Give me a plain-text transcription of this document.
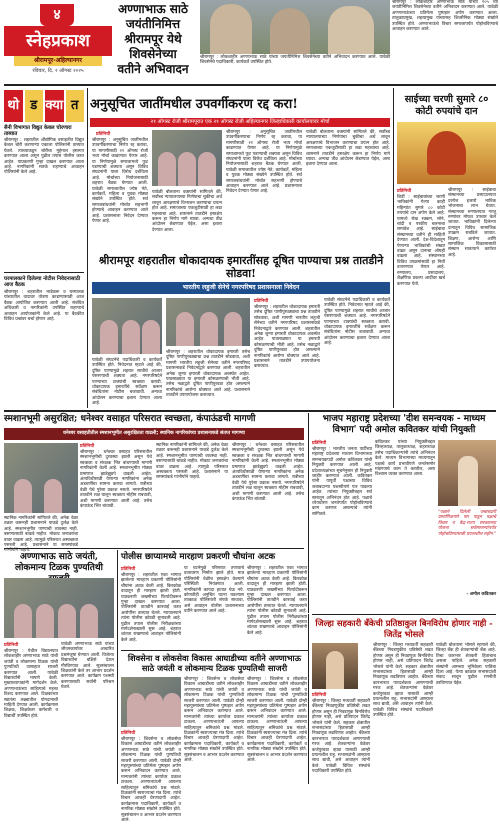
४
स्नेहप्रकाश
श्रीरामपूर-अहिल्यानगर
रविवार, दि. २ ऑगस्ट २०२५
अण्णाभाऊ साठे
जयंतीनिमित्त
श्रीरामपूर येथे
शिवसेनेच्या
वतीने अभिवादन
श्रीरामपूर : लोकशाहीर अण्णाभाऊ साठे यांच्या जयंतीनिमित्त शिवसेनेच्या वतीने अभिवादन करण्यात आले. यावेळी शिवसेनेचे पदाधिकारी, कार्यकर्ते उपस्थित होते.
श्रीरामपूर : लोकशाहीर अण्णाभाऊ साठे यांच्या १०५ व्या जयंतीनिमित्त शिवसेनेच्या वतीने अभिवादन करण्यात आले. यावेळी अण्णाभाऊंच्या प्रतिमेला पुष्पहार अर्पण करण्यात आला. तालुकाप्रमुख, शहरप्रमुख यांच्यासह शिवसैनिक मोठ्या संख्येने उपस्थित होते. अण्णाभाऊंचे विचार समाजापर्यंत पोहोचविण्याचे आवाहन करण्यात आले.
थो ड क्या त
सैनी विभागात विद्युत केबल चोरणारा ताब्यात
श्रीरामपूर : शहरातील औद्योगिक वसाहतीत विद्युत केबल चोरी करणाऱ्या एकाला पोलिसांनी ताब्यात घेतले. त्याच्याकडून चोरीचा मुद्देमाल हस्तगत करण्यात आला असून पुढील तपास पोलीस करत आहेत. याप्रकरणी गुन्हा दाखल करण्यात आला आहे. नागरिकांनी सतर्क राहण्याचे आवाहन पोलिसांनी केले आहे.
घरमालकाने दिलेल्या नोटीस निवेदनासाठी आज बैठक
श्रीरामपूर : शहरातील भाडेकरू व घरमालक यांच्यातील वादावर तोडगा काढण्यासाठी आज बैठक आयोजित करण्यात आली आहे. संबंधित अधिकारी व नागरिकांनी उपस्थित राहण्याचे आवाहन आयोजकांनी केले आहे. या बैठकीत विविध प्रश्नांवर चर्चा होणार आहे.
अनुसूचित जातींमधील उपवर्गीकरण रद्द करा!
२१ ऑगस्ट रोजी श्रीरामपूरात एक २१ ऑगस्ट रोजी अहिल्यानगर जिल्हाधिकारी कार्यालयावर मोर्चा
प्रतिनिधी
श्रीरामपूर : अनुसूचित जातींमधील उपवर्गीकरणाचा निर्णय रद्द करावा, या मागणीसाठी २१ ऑगस्ट रोजी भव्य मोर्चा काढण्यात येणार आहे. या निर्णयामुळे समाजामध्ये फूट पडण्याची शक्यता असून विविध संघटनांनी याला विरोध दर्शविला आहे. मोर्चाच्या नियोजनासाठी शहरात बैठक घेण्यात आली. यावेळी समाजातील ज्येष्ठ नेते, कार्यकर्ते, महिला व युवक मोठ्या संख्येने उपस्थित होते. सर्व समाजबांधवांनी मोर्चात सहभागी होण्याचे आवाहन करण्यात आले आहे. प्रशासनाला निवेदन देण्यात येणार आहे.
यावेळी बोलताना वक्त्यांनी सांगितले की, सर्वोच्च न्यायालयाच्या निर्णयाचा चुकीचा अर्थ लावून आरक्षणाचे विभाजन करण्याचा प्रयत्न होत आहे. समाजाच्या एकजुटीसाठी हा लढा महत्त्वाचा आहे. शासनाने तातडीने हस्तक्षेप करून हा निर्णय मागे घ्यावा. अन्यथा तीव्र आंदोलन छेडण्यात येईल, असा इशारा देण्यात आला.
श्रीरामपूर : अनुसूचित जातींमधील उपवर्गीकरणाचा निर्णय रद्द करावा, या मागणीसाठी २१ ऑगस्ट रोजी भव्य मोर्चा काढण्यात येणार आहे. या निर्णयामुळे समाजामध्ये फूट पडण्याची शक्यता असून विविध संघटनांनी याला विरोध दर्शविला आहे. मोर्चाच्या नियोजनासाठी शहरात बैठक घेण्यात आली. यावेळी समाजातील ज्येष्ठ नेते, कार्यकर्ते, महिला व युवक मोठ्या संख्येने उपस्थित होते. सर्व समाजबांधवांनी मोर्चात सहभागी होण्याचे आवाहन करण्यात आले आहे. प्रशासनाला निवेदन देण्यात येणार आहे.
यावेळी बोलताना वक्त्यांनी सांगितले की, सर्वोच्च न्यायालयाच्या निर्णयाचा चुकीचा अर्थ लावून आरक्षणाचे विभाजन करण्याचा प्रयत्न होत आहे. समाजाच्या एकजुटीसाठी हा लढा महत्त्वाचा आहे. शासनाने तातडीने हस्तक्षेप करून हा निर्णय मागे घ्यावा. अन्यथा तीव्र आंदोलन छेडण्यात येईल, असा इशारा देण्यात आला.
साईच्या चरणी सुमारे ८० कोटी रुपयांचे दान
प्रतिनिधी
शिर्डी : साईबाबांच्या चरणी भाविकांनी गेल्या काही महिन्यांत सुमारे ८० कोटी रुपयांचे दान अर्पण केले आहे. यामध्ये रोख रक्कम, सोने, चांदी व परकीय चलनाचा समावेश आहे. साईबाबा संस्थानच्या वतीने ही माहिती देण्यात आली. देश-विदेशातून येणाऱ्या भाविकांची संख्या वाढत असून दानाचा ओघही वाढला आहे. संस्थानच्या विविध उपक्रमांसाठी हा निधी वापरण्यात येणार आहे. रुग्णालय, प्रसादालय, शैक्षणिक प्रकल्प आदींवर खर्च करण्यात येतो.
श्रीरामपूर : साईबाबा संस्थानच्या प्रसादालयात दररोज हजारो भाविक भोजनाचा लाभ घेतात. संस्थानच्या रुग्णालयात गरजू रुग्णांवर मोफत उपचार केले जातात. भाविकांनी दिलेल्या दानातून विविध सामाजिक उपक्रम राबविले जातात. शिक्षण, आरोग्य आणि सामाजिक विकासासाठी संस्थान सातत्याने कार्यरत आहे.
श्रीरामपूर शहरातील धोकादायक इमारतींसह दूषित पाण्याचा प्रश्न तातडीने सोडवा!
भारतीय लहुजी सेनेचे नगरपरिषद प्रशासनाला निवेदन
यावेळी संघटनेचे पदाधिकारी व कार्यकर्ते उपस्थित होते. निवेदनात म्हटले आहे की, दूषित पाण्यामुळे शहरात साथीचे आजार पसरण्याची शक्यता आहे. नगरपरिषदेने पाण्याच्या टाक्यांची स्वच्छता करावी. धोकादायक इमारतींचे सर्वेक्षण करून संबंधितांना नोटीस बजावावी. अन्यथा आंदोलन करण्याचा इशारा देण्यात आला आहे.
श्रीरामपूर : शहरातील धोकादायक इमारती तसेच दूषित पाणीपुरवठ्याचा प्रश्न तातडीने सोडवावा, अशी मागणी भारतीय लहुजी सेनेच्या वतीने नगरपरिषद प्रशासनाकडे निवेदनाद्वारे करण्यात आली. शहरातील अनेक जुन्या इमारती धोकादायक अवस्थेत आहेत. पावसाळ्यात या इमारती कोसळण्याची भीती आहे. तसेच नळाद्वारे दूषित पाणीपुरवठा होत असल्याने नागरिकांचे आरोग्य धोक्यात आले आहे. प्रशासनाने तातडीने उपाययोजना कराव्यात.
प्रतिनिधी
श्रीरामपूर : शहरातील धोकादायक इमारती तसेच दूषित पाणीपुरवठ्याचा प्रश्न तातडीने सोडवावा, अशी मागणी भारतीय लहुजी सेनेच्या वतीने नगरपरिषद प्रशासनाकडे निवेदनाद्वारे करण्यात आली. शहरातील अनेक जुन्या इमारती धोकादायक अवस्थेत आहेत. पावसाळ्यात या इमारती कोसळण्याची भीती आहे. तसेच नळाद्वारे दूषित पाणीपुरवठा होत असल्याने नागरिकांचे आरोग्य धोक्यात आले आहे. प्रशासनाने तातडीने उपाययोजना कराव्यात.
यावेळी संघटनेचे पदाधिकारी व कार्यकर्ते उपस्थित होते. निवेदनात म्हटले आहे की, दूषित पाण्यामुळे शहरात साथीचे आजार पसरण्याची शक्यता आहे. नगरपरिषदेने पाण्याच्या टाक्यांची स्वच्छता करावी. धोकादायक इमारतींचे सर्वेक्षण करून संबंधितांना नोटीस बजावावी. अन्यथा आंदोलन करण्याचा इशारा देण्यात आला आहे.
स्मशानभूमी असुरक्षित; धनेश्वर वसाहत परिसरात स्वच्छता, कंपाऊंडची मागणी
धनेश्वर वसाहतीतील स्मशानभूमीत असुरक्षितता वाढली; स्थानिक नागरिकांच्या प्रशासनाकडे संतप्त मागण्या
प्रतिनिधी
श्रीरामपूर : धनेश्वर वसाहत परिसरातील स्मशानभूमीची दुरवस्था झाली असून येथे स्वच्छता व संरक्षक भिंत बांधण्याची मागणी नागरिकांनी केली आहे. स्मशानभूमीत मोठ्या प्रमाणात झाडेझुडपे वाढली आहेत. अंत्यविधीसाठी येणाऱ्या नागरिकांना अनेक अडचणींचा सामना करावा लागतो. रात्रीच्या वेळी येथे पुरेसा प्रकाश नसतो. नगरपरिषदेने तातडीने लक्ष घालून स्वच्छता मोहीम राबवावी, अशी मागणी करण्यात आली आहे. तसेच कंपाऊंड भिंत बांधावी.
स्थानिक नागरिकांनी सांगितले की, अनेक वेळा तक्रार करूनही प्रशासनाने याकडे दुर्लक्ष केले आहे. स्मशानभूमीत पाण्याची व्यवस्था नाही. बसण्यासाठी बाकडे नाहीत. मोकाट जनावरांचा वावर वाढला आहे. त्यामुळे परिसरात अस्वच्छता पसरली आहे. प्रशासनाने या समस्यांकडे गांभीर्याने पाहावे.
श्रीरामपूर : धनेश्वर वसाहत परिसरातील स्मशानभूमीची दुरवस्था झाली असून येथे स्वच्छता व संरक्षक भिंत बांधण्याची मागणी नागरिकांनी केली आहे. स्मशानभूमीत मोठ्या प्रमाणात झाडेझुडपे वाढली आहेत. अंत्यविधीसाठी येणाऱ्या नागरिकांना अनेक अडचणींचा सामना करावा लागतो. रात्रीच्या वेळी येथे पुरेसा प्रकाश नसतो. नगरपरिषदेने तातडीने लक्ष घालून स्वच्छता मोहीम राबवावी, अशी मागणी करण्यात आली आहे. तसेच कंपाऊंड भिंत बांधावी.
स्थानिक नागरिकांनी सांगितले की, अनेक वेळा तक्रार करूनही प्रशासनाने याकडे दुर्लक्ष केले आहे. स्मशानभूमीत पाण्याची व्यवस्था नाही. बसण्यासाठी बाकडे नाहीत. मोकाट जनावरांचा वावर वाढला आहे. त्यामुळे परिसरात अस्वच्छता पसरली आहे. प्रशासनाने या समस्यांकडे गांभीर्याने पाहावे.
भाजप महाराष्ट्र प्रदेशच्या 'दीश समन्वयक - माध्यम विभाग' पदी अमोल कवितकर यांची नियुक्ती
प्रतिनिधी
श्रीरामपूर : भारतीय जनता पार्टीच्या महाराष्ट्र प्रदेशच्या माध्यम विभागाच्या समन्वयकपदी अमोल कवितकर यांची नियुक्ती करण्यात आली आहे. प्रदेशाध्यक्षांच्या सूचनेनुसार ही नियुक्ती जाहीर करण्यात आली. कवितकर यांनी यापूर्वी पक्षाच्या विविध जबाबदाऱ्या यशस्वीपणे पार पाडल्या आहेत. त्यांच्या नियुक्तीबद्दल सर्व स्तरातून अभिनंदन होत आहे. पक्षाचे ध्येयधोरण जनतेपर्यंत पोहोचविण्याचे काम करणार असल्याचे त्यांनी सांगितले.
कवितकर यांच्या नियुक्तीबद्दल जिल्हाध्यक्ष, तालुकाध्यक्ष, शहराध्यक्ष तसेच पदाधिकाऱ्यांनी त्यांचे अभिनंदन केले. माध्यम विभागाच्या माध्यमातून पक्षाचे कार्य प्रभावीपणे जनतेसमोर मांडण्याचे काम ते करतील, असा विश्वास व्यक्त करण्यात आला.
"पक्षाने दिलेली जबाबदारी प्रामाणिकपणे पार पाडून पक्षाचे विचार व केंद्र-राज्य सरकारच्या योजना सर्वसामान्यांपर्यंत पोहोचविण्यासाठी प्रयत्नशील राहीन."
- अमोल कवितकर
अण्णाभाऊ साठे जयंती, लोकमान्य टिळक पुण्यतिथी
प्रतिनिधी
श्रीरामपूर : येथील विद्यालयात लोकशाहीर अण्णाभाऊ साठे यांची जयंती व लोकमान्य टिळक यांची पुण्यतिथी उत्साहात साजरी करण्यात आली. यावेळी विद्यार्थ्यांनी भाषणे केली. मुख्याध्यापकांनी मार्गदर्शन केले. अण्णाभाऊंच्या साहित्याचे महत्त्व विशद करण्यात आले. टिळकांच्या स्वातंत्र्य लढ्यातील योगदानाची माहिती देण्यात आली. कार्यक्रमास शिक्षक, शिक्षकेतर कर्मचारी व विद्यार्थी उपस्थित होते.
यावेळी अण्णाभाऊ साठे यांच्या जीवनकार्यावर आधारित प्रश्नमंजुषा घेण्यात आली. विजेत्या विद्यार्थ्यांना बक्षिसे देऊन गौरविण्यात आले. सूत्रसंचालन शिक्षकांनी केले तर आभार प्रदर्शन करण्यात आले. कार्यक्रम यशस्वी करण्यासाठी सर्वांनी परिश्रम घेतले.
पोलीस छाप्यामध्ये मारहाण प्रकरणी चौघांना अटक
प्रतिनिधी
श्रीरामपूर : शहरातील एका भागात झालेल्या मारहाण प्रकरणी पोलिसांनी चौघांना अटक केली आहे. किरकोळ वादातून ही मारहाण झाली होती. याप्रकरणी जखमीच्या फिर्यादीवरून गुन्हा दाखल करण्यात आला. पोलिसांनी तातडीने कारवाई करत आरोपींना ताब्यात घेतले. न्यायालयाने त्यांना पोलीस कोठडी सुनावली आहे. पुढील तपास पोलीस निरीक्षकांच्या मार्गदर्शनाखाली सुरू आहे. शहरात शांतता राखण्याचे आवाहन पोलिसांनी केले आहे.
या घटनेमुळे परिसरात तणावाचे वातावरण निर्माण झाले होते. मात्र पोलिसांनी वेळीच हस्तक्षेप केल्याने परिस्थिती नियंत्रणात आली. नागरिकांनी कायदा हातात घेऊ नये. कोणतीही अनुचित घटना घडल्यास तात्काळ पोलिसांशी संपर्क साधावा, असे आवाहन पोलीस प्रशासनाच्या वतीने करण्यात आले आहे.
श्रीरामपूर : शहरातील एका भागात झालेल्या मारहाण प्रकरणी पोलिसांनी चौघांना अटक केली आहे. किरकोळ वादातून ही मारहाण झाली होती. याप्रकरणी जखमीच्या फिर्यादीवरून गुन्हा दाखल करण्यात आला. पोलिसांनी तातडीने कारवाई करत आरोपींना ताब्यात घेतले. न्यायालयाने त्यांना पोलीस कोठडी सुनावली आहे. पुढील तपास पोलीस निरीक्षकांच्या मार्गदर्शनाखाली सुरू आहे. शहरात शांतता राखण्याचे आवाहन पोलिसांनी केले आहे.
शिवसेना व लोकसेवा विकास आघाडीच्या वतीने अण्णाभाऊ साठे जयंती व लोकमान्य टिळक पुण्यतिथी साजरी
प्रतिनिधी
श्रीरामपूर : शिवसेना व लोकसेवा विकास आघाडीच्या वतीने लोकशाहीर अण्णाभाऊ साठे यांची जयंती व लोकमान्य टिळक यांची पुण्यतिथी साजरी करण्यात आली. यावेळी दोन्ही महापुरुषांच्या प्रतिमेला पुष्पहार अर्पण करून अभिवादन करण्यात आले. मान्यवरांनी त्यांच्या कार्यावर प्रकाश टाकला. अण्णाभाऊंनी आपल्या साहित्यातून श्रमिकांचे प्रश्न मांडले. टिळकांनी स्वराज्याचा मंत्र दिला. त्यांचे विचार आजही प्रेरणादायी आहेत. कार्यक्रमास पदाधिकारी, कार्यकर्ते व नागरिक मोठ्या संख्येने उपस्थित होते. सूत्रसंचालन व आभार प्रदर्शन करण्यात आले.
श्रीरामपूर : शिवसेना व लोकसेवा विकास आघाडीच्या वतीने लोकशाहीर अण्णाभाऊ साठे यांची जयंती व लोकमान्य टिळक यांची पुण्यतिथी साजरी करण्यात आली. यावेळी दोन्ही महापुरुषांच्या प्रतिमेला पुष्पहार अर्पण करून अभिवादन करण्यात आले. मान्यवरांनी त्यांच्या कार्यावर प्रकाश टाकला. अण्णाभाऊंनी आपल्या साहित्यातून श्रमिकांचे प्रश्न मांडले. टिळकांनी स्वराज्याचा मंत्र दिला. त्यांचे विचार आजही प्रेरणादायी आहेत. कार्यक्रमास पदाधिकारी, कार्यकर्ते व नागरिक मोठ्या संख्येने उपस्थित होते. सूत्रसंचालन व आभार प्रदर्शन करण्यात आले.
श्रीरामपूर : शिवसेना व लोकसेवा विकास आघाडीच्या वतीने लोकशाहीर अण्णाभाऊ साठे यांची जयंती व लोकमान्य टिळक यांची पुण्यतिथी साजरी करण्यात आली. यावेळी दोन्ही महापुरुषांच्या प्रतिमेला पुष्पहार अर्पण करून अभिवादन करण्यात आले. मान्यवरांनी त्यांच्या कार्यावर प्रकाश टाकला. अण्णाभाऊंनी आपल्या साहित्यातून श्रमिकांचे प्रश्न मांडले. टिळकांनी स्वराज्याचा मंत्र दिला. त्यांचे विचार आजही प्रेरणादायी आहेत. कार्यक्रमास पदाधिकारी, कार्यकर्ते व नागरिक मोठ्या संख्येने उपस्थित होते. सूत्रसंचालन व आभार प्रदर्शन करण्यात आले.
जिल्हा सहकारी बँकेची प्रतिष्ठाकुल बिनविरोध होणार नाही - जितेंद्र भोसले
प्रतिनिधी
श्रीरामपूर : जिल्हा मध्यवर्ती सहकारी बँकेच्या निवडणुकीत प्रतिष्ठेची लढत होणार असून ही निवडणूक बिनविरोध होणार नाही, असे प्रतिपादन जितेंद्र भोसले यांनी केले. सहकार क्षेत्रातील सभासदांच्या हितासाठी आम्ही निवडणूक लढविणार आहोत. बँकेच्या कारभारात पारदर्शकता आणण्याची गरज आहे. शेतकऱ्यांना वेळेवर कर्जपुरवठा व्हावा यासाठी आम्ही प्रयत्नशील राहू. सभासदांनी आम्हाला साथ द्यावी, असे आवाहन त्यांनी केले. यावेळी विविध संस्थांचे पदाधिकारी उपस्थित होते.
श्रीरामपूर : जिल्हा मध्यवर्ती सहकारी बँकेच्या निवडणुकीत प्रतिष्ठेची लढत होणार असून ही निवडणूक बिनविरोध होणार नाही, असे प्रतिपादन जितेंद्र भोसले यांनी केले. सहकार क्षेत्रातील सभासदांच्या हितासाठी आम्ही निवडणूक लढविणार आहोत. बँकेच्या कारभारात पारदर्शकता आणण्याची गरज आहे. शेतकऱ्यांना वेळेवर कर्जपुरवठा व्हावा यासाठी आम्ही प्रयत्नशील राहू. सभासदांनी आम्हाला साथ द्यावी, असे आवाहन त्यांनी केले. यावेळी विविध संस्थांचे पदाधिकारी उपस्थित होते.
यावेळी बोलताना भोसले म्हणाले की, जिल्हा बँक ही शेतकऱ्यांची बँक आहे. तिचा कारभार शेतकरी हिताचाच असला पाहिजे. अनेक सहकारी संस्थांनी आमच्या भूमिकेला पाठिंबा दिला आहे. येत्या काळात सभासदांशी संवाद साधून पुढील रणनीती ठरविण्यात येईल.
